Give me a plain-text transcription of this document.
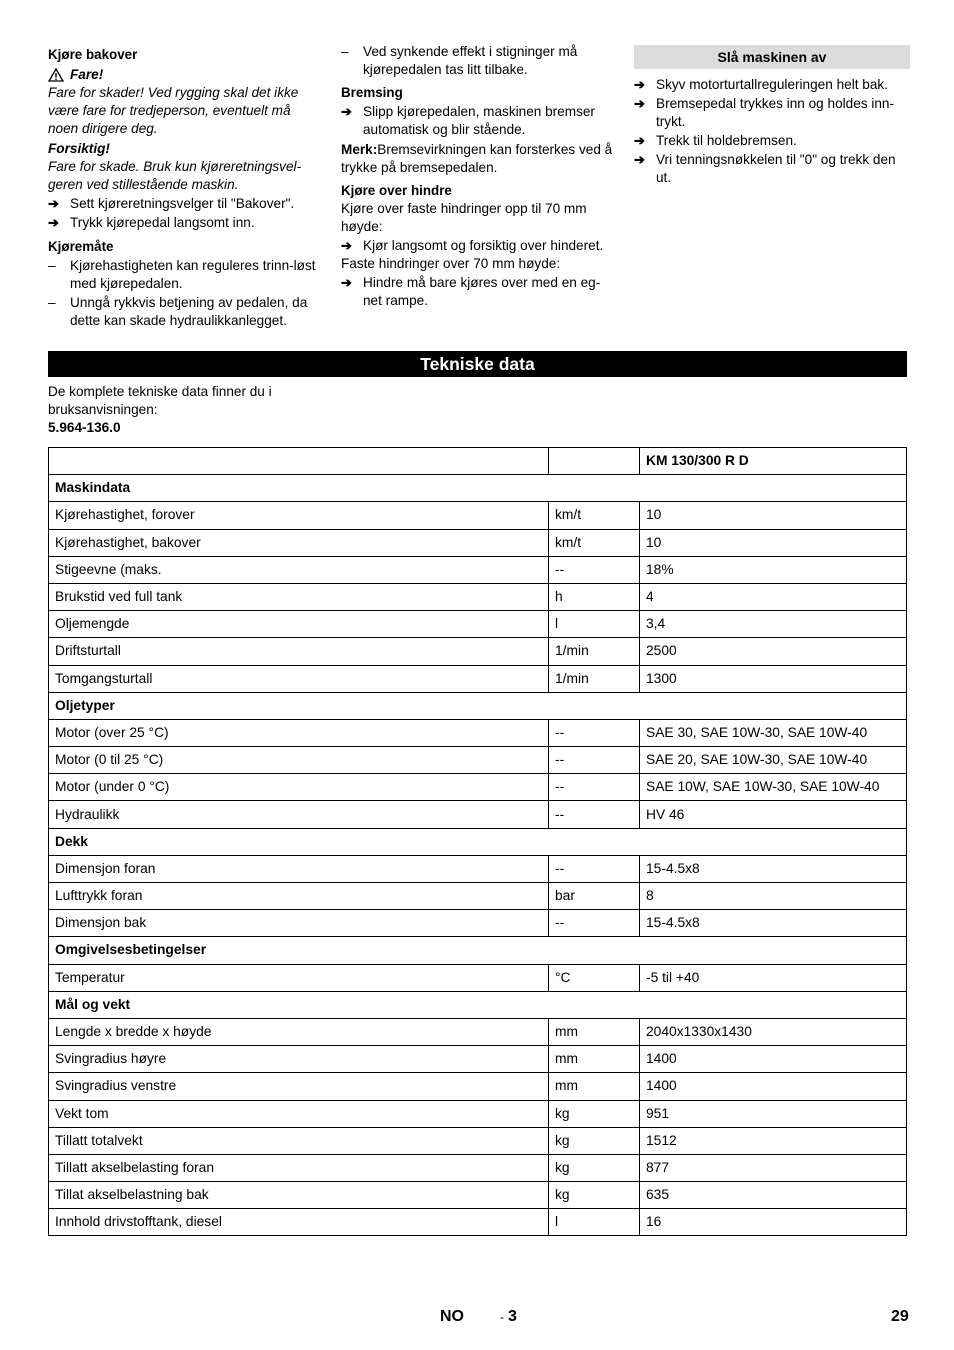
Kjøre bakover
Fare!
Fare for skader! Ved rygging skal det ikke være fare for tredjeperson, eventuelt må noen dirigere deg.
Forsiktig!
Fare for skade. Bruk kun kjøreretningsvel-geren ved stillestående maskin.
➔ Sett kjøreretningsvelger til "Bakover".
➔ Trykk kjørepedal langsomt inn.
Kjøremåte
– Kjørehastigheten kan reguleres trinn-løst med kjørepedalen.
– Unngå rykkvis betjening av pedalen, da dette kan skade hydraulikkanlegget.
– Ved synkende effekt i stigninger må kjørepedalen tas litt tilbake.
Bremsing
➔ Slipp kjørepedalen, maskinen bremser automatisk og blir stående.
Merk:Bremsevirkningen kan forsterkes ved å trykke på bremsepedalen.
Kjøre over hindre
Kjøre over faste hindringer opp til 70 mm høyde:
➔ Kjør langsomt og forsiktig over hinderet.
Faste hindringer over 70 mm høyde:
➔ Hindre må bare kjøres over med en eg-net rampe.
Slå maskinen av
➔ Skyv motorturtallreguleringen helt bak.
➔ Bremsepedal trykkes inn og holdes inn-trykt.
➔ Trekk til holdebremsen.
➔ Vri tenningsnøkkelen til "0" og trekk den ut.
Tekniske data
De komplete tekniske data finner du i bruksanvisningen:
5.964-136.0
		KM 130/300 R D
Maskindata		
Kjørehastighet, forover	km/t	10
Kjørehastighet, bakover	km/t	10
Stigeevne (maks.	--	18%
Brukstid ved full tank	h	4
Oljemengde	l	3,4
Driftsturtall	1/min	2500
Tomgangsturtall	1/min	1300
Oljetyper		
Motor (over 25 °C)	--	SAE 30, SAE 10W-30, SAE 10W-40
Motor (0 til 25 °C)	--	SAE 20, SAE 10W-30, SAE 10W-40
Motor (under 0 °C)	--	SAE 10W, SAE 10W-30, SAE 10W-40
Hydraulikk	--	HV 46
Dekk		
Dimensjon foran	--	15-4.5x8
Lufttrykk foran	bar	8
Dimensjon bak	--	15-4.5x8
Omgivelsesbetingelser		
Temperatur	°C	-5 til +40
Mål og vekt		
Lengde x bredde x høyde	mm	2040x1330x1430
Svingradius høyre	mm	1400
Svingradius venstre	mm	1400
Vekt tom	kg	951
Tillatt totalvekt	kg	1512
Tillatt akselbelasting foran	kg	877
Tillat akselbelastning bak	kg	635
Innhold drivstofftank, diesel	l	16
NO	- 3	29
